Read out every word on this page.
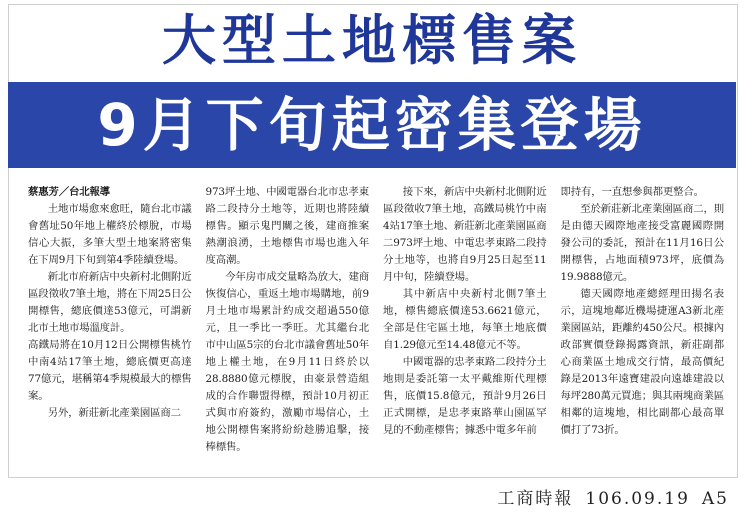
大型土地標售案
9月下旬起密集登場

蔡惠芳／台北報導

土地市場愈來愈旺，隨台北市議會舊址50年地上權終於標脫，市場信心大振，多筆大型土地案將密集在下周9月下旬到第4季陸續登場。

新北市府新店中央新村北側附近區段徵收7筆土地，將在下周25日公開標售，總底價達53億元，可謂新北市土地市場溫度計。

高鐵局將在10月12日公開標售桃竹中南4站17筆土地，總底價更高達77億元，堪稱第4季規模最大的標售案。

另外，新莊新北產業園區商二

973坪土地、中國電器台北市忠孝東路二段持分土地等，近期也將陸續標售。顯示鬼門關之後，建商推案熱潮浪湧，土地標售市場也進入年度高潮。

今年房市成交量略為放大，建商恢復信心，重返土地市場購地，前9月土地市場累計約成交超過550億元，且一季比一季旺。尤其繼台北市中山區5宗的台北市議會舊址50年地上權土地，在9月11日終於以28.8880億元標脫，由豪景營造組成的合作聯盟得標，預計10月初正式與市府簽約，激勵市場信心，土地公開標售案將紛紛趁勝追擊，接棒標售。

接下來，新店中央新村北側附近區段徵收7筆土地，高鐵局桃竹中南4站17筆土地、新莊新北產業園區商二973坪土地、中電忠孝東路二段持分土地等，也將自9月25日起至11月中旬，陸續登場。

其中新店中央新村北側7筆土地，標售總底價達53.6621億元，全部是住宅區土地，每筆土地底價自1.29億元至14.48億元不等。

中國電器的忠孝東路二段持分土地則是委託第一太平戴維斯代理標售，底價15.8億元，預計9月26日正式開標，是忠孝東路華山園區罕見的不動產標售；據悉中電多年前

即持有，一直想參與都更整合。

至於新莊新北產業園區商二，則是由德天國際地產接受富麗國際開發公司的委託，預計在11月16日公開標售，占地面積973坪，底價為19.9888億元。

德天國際地產總經理田揚名表示，這塊地鄰近機場捷運A3新北產業園區站，距離約450公尺。根據內政部實價登錄揭露資訊，新莊副都心商業區土地成交行情，最高價紀錄是2013年遠寶建設向遠雄建設以每坪280萬元買進；與其兩塊商業區相鄰的這塊地，相比副都心最高單價打了73折。

工商時報 106.09.19 A5
